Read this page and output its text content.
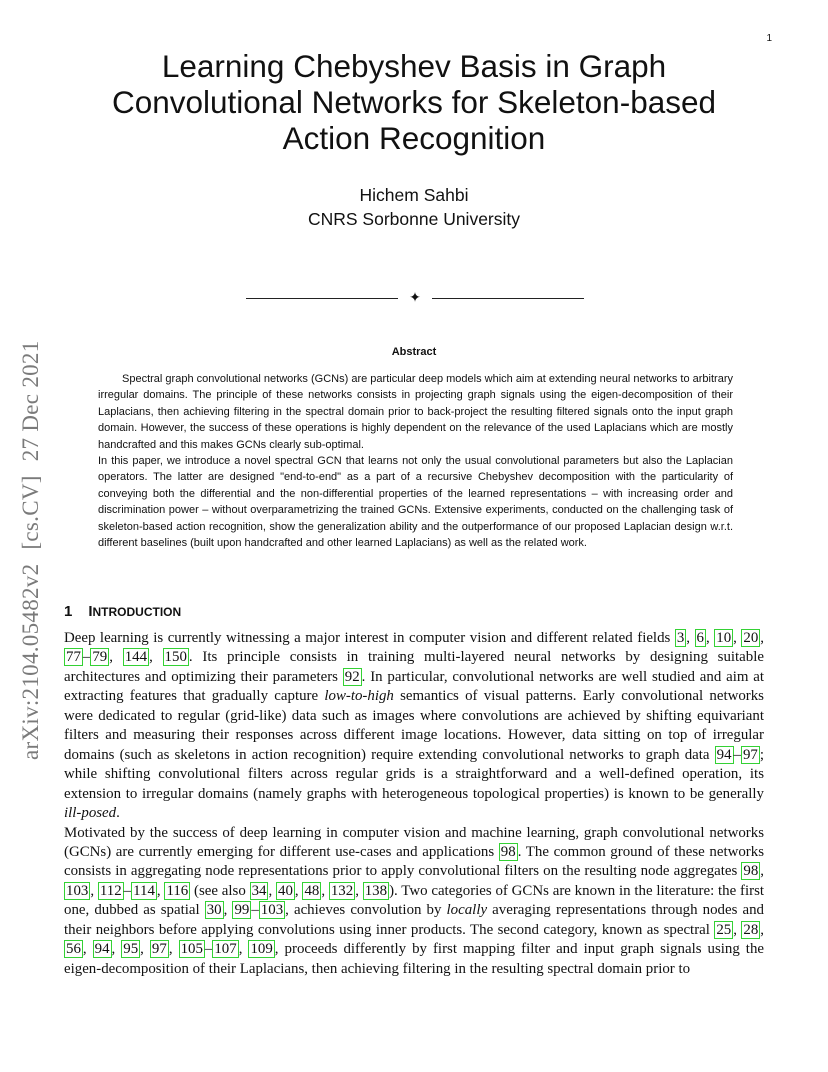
1
arXiv:2104.05482v2[cs.CV]27 Dec 2021
Learning Chebyshev Basis in Graph
Convolutional Networks for Skeleton-based
Action Recognition
Hichem Sahbi
CNRS Sorbonne University
✦
Abstract

Spectral graph convolutional networks (GCNs) are particular deep models which aim at extending neural networks to arbitrary irregular domains. The principle of these networks consists in projecting graph signals using the eigen-decomposition of their Laplacians, then achieving filtering in the spectral domain prior to back-project the resulting filtered signals onto the input graph domain. However, the success of these operations is highly dependent on the relevance of the used Laplacians which are mostly handcrafted and this makes GCNs clearly sub-optimal.

In this paper, we introduce a novel spectral GCN that learns not only the usual convolutional parameters but also the Laplacian operators. The latter are designed "end-to-end" as a part of a recursive Chebyshev decomposition with the particularity of conveying both the differential and the non-differential properties of the learned representations – with increasing order and discrimination power – without overparametrizing the trained GCNs. Extensive experiments, conducted on the challenging task of skeleton-based action recognition, show the generalization ability and the outperformance of our proposed Laplacian design w.r.t. different baselines (built upon handcrafted and other learned Laplacians) as well as the related work.

1 INTRODUCTION

Deep learning is currently witnessing a major interest in computer vision and different related fields 3 , 6 , 10 , 20 , 77 – 79 , 144 , 150 . Its principle consists in training multi-layered neural networks by designing suitable architectures and optimizing their parameters 92 . In particular, convolutional networks are well studied and aim at extracting features that gradually capture low-to-high semantics of visual patterns. Early convolutional networks were dedicated to regular (grid-like) data such as images where convolutions are achieved by shifting equivariant filters and measuring their responses across different image locations. However, data sitting on top of irregular domains (such as skeletons in action recognition) require extending convolutional networks to graph data 94 – 97 ; while shifting convolutional filters across regular grids is a straightforward and a well-defined operation, its extension to irregular domains (namely graphs with heterogeneous topological properties) is known to be generally ill-posed.

Motivated by the success of deep learning in computer vision and machine learning, graph convolutional networks (GCNs) are currently emerging for different use-cases and applications 98 . The common ground of these networks consists in aggregating node representations prior to apply convolutional filters on the resulting node aggregates 98 , 103 , 112 – 114 , 116 (see also 34 , 40 , 48 , 132 , 138 ). Two categories of GCNs are known in the literature: the first one, dubbed as spatial 30 , 99 – 103 , achieves convolution by locally averaging representations through nodes and their neighbors before applying convolutions using inner products. The second category, known as spectral 25 , 28 , 56 , 94 , 95 , 97 , 105 – 107 , 109 , proceeds differently by first mapping filter and input graph signals using the eigen-decomposition of their Laplacians, then achieving filtering in the resulting spectral domain prior to
